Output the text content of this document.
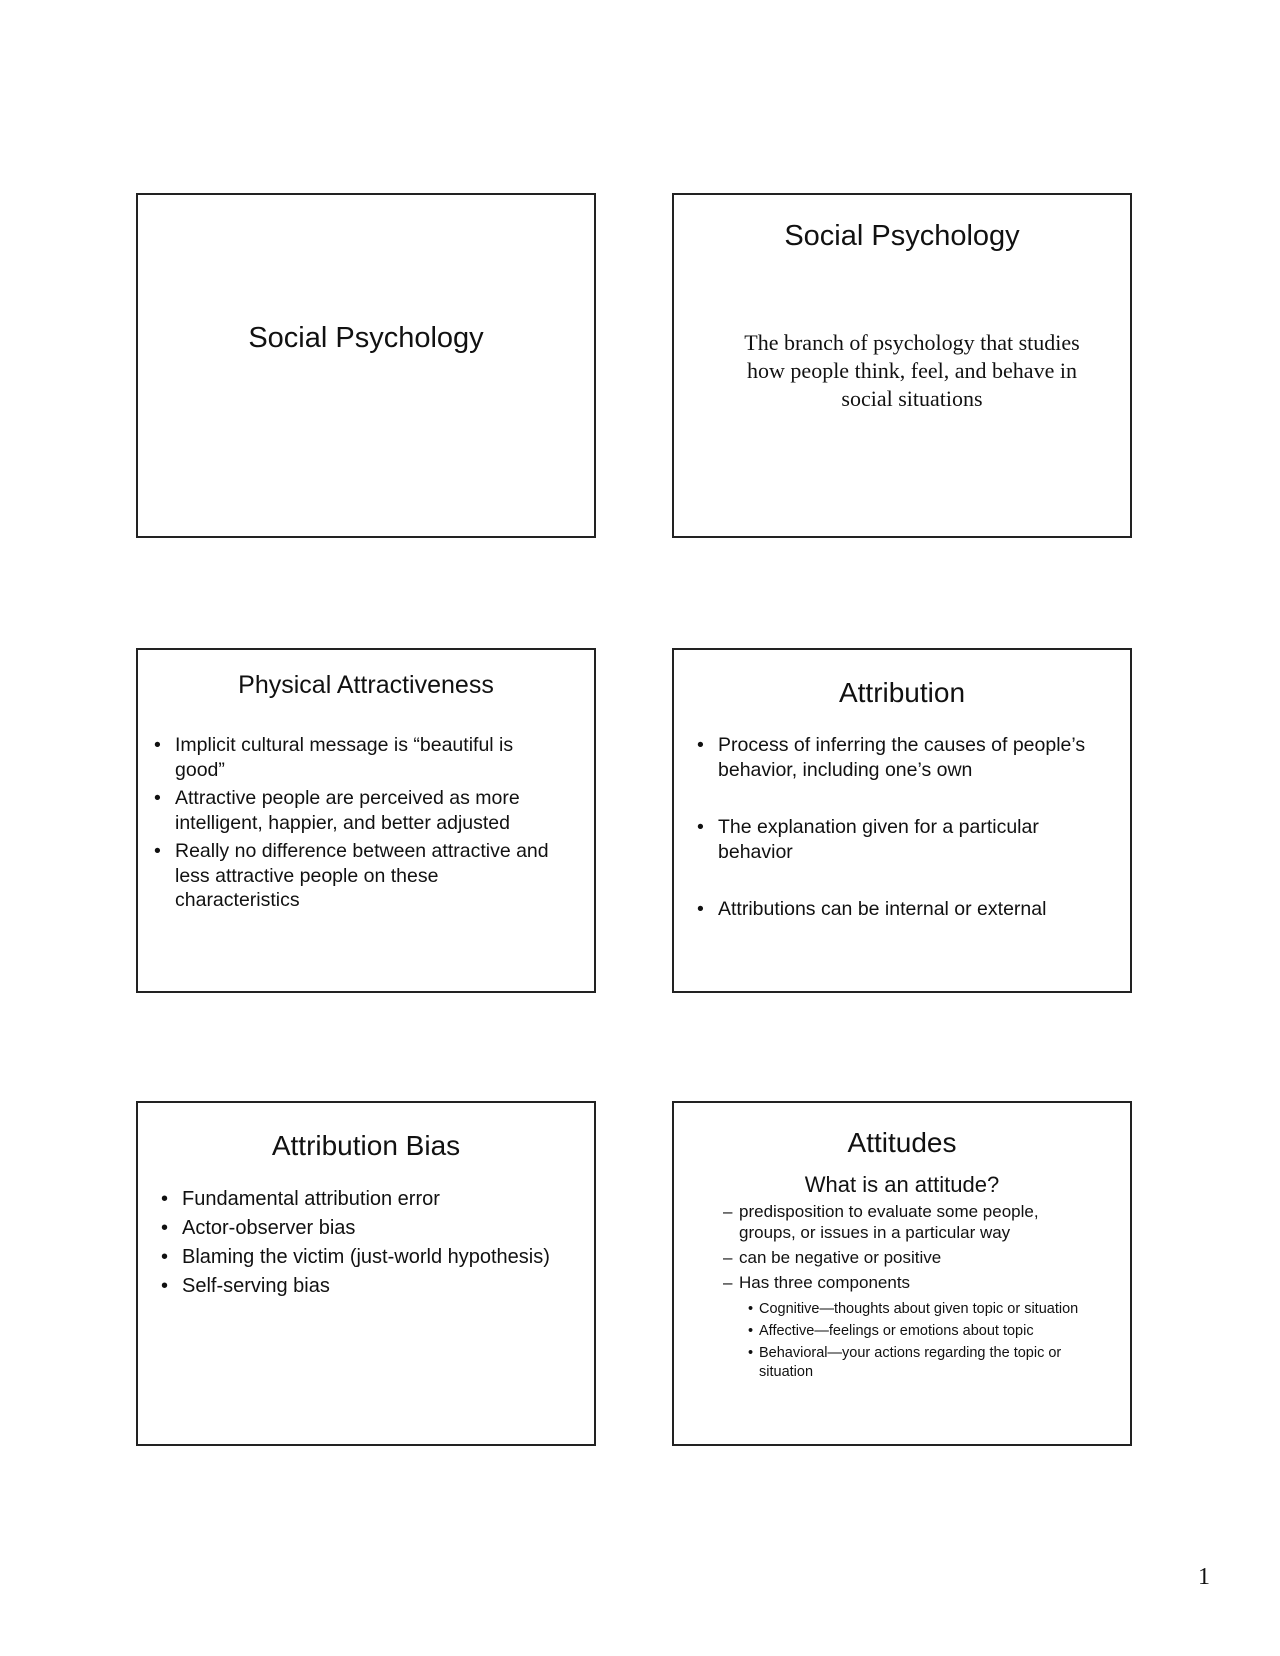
Social Psychology
Social Psychology
The branch of psychology that studies how people think, feel, and behave in social situations
Physical Attractiveness
• Implicit cultural message is “beautiful is good”
• Attractive people are perceived as more intelligent, happier, and better adjusted
• Really no difference between attractive and less attractive people on these characteristics
Attribution
• Process of inferring the causes of people’s behavior, including one’s own
• The explanation given for a particular behavior
• Attributions can be internal or external
Attribution Bias
• Fundamental attribution error
• Actor-observer bias
• Blaming the victim (just-world hypothesis)
• Self-serving bias
Attitudes
What is an attitude?
– predisposition to evaluate some people, groups, or issues in a particular way
– can be negative or positive
– Has three components
• Cognitive—thoughts about given topic or situation
• Affective—feelings or emotions about topic
• Behavioral—your actions regarding the topic or situation
1
